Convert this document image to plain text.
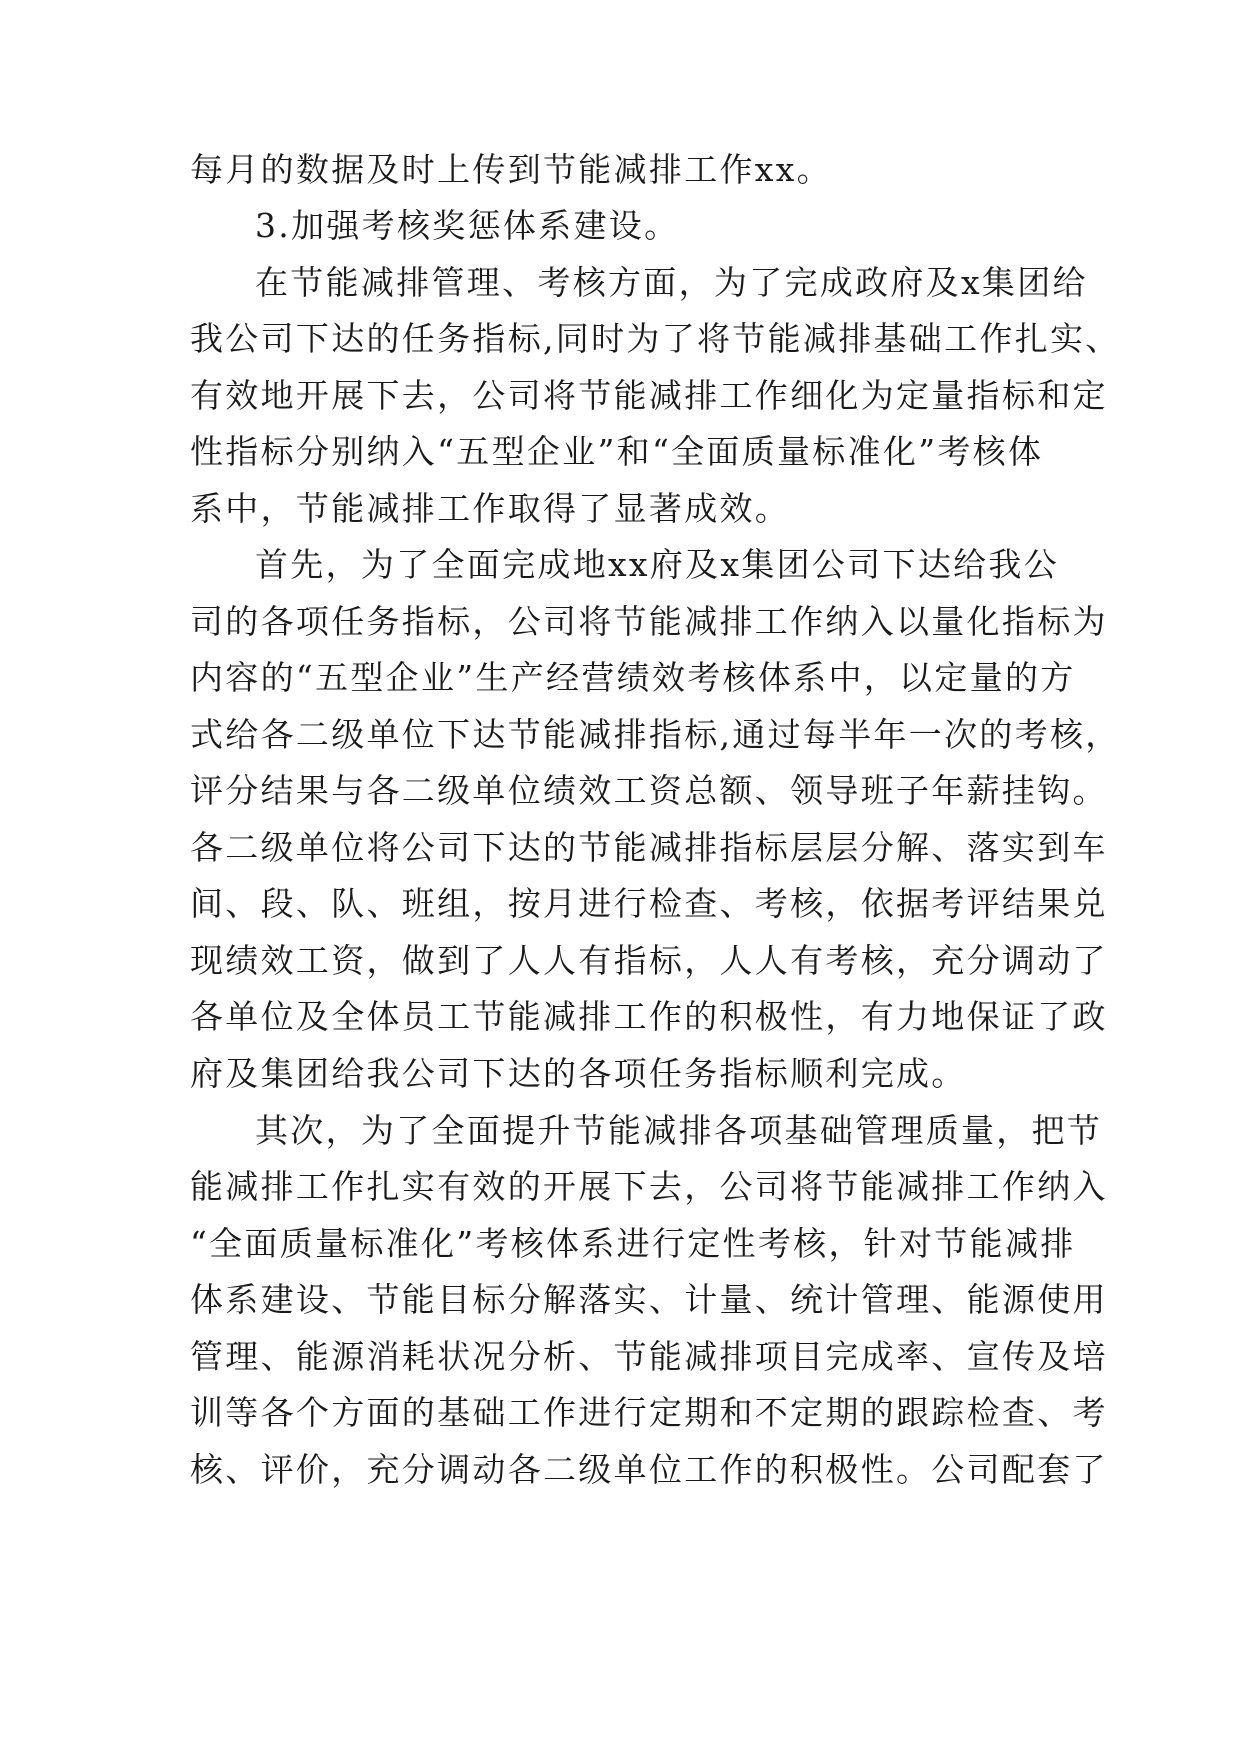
每月的数据及时上传到节能减排工作xx。
3.加强考核奖惩体系建设。
在节能减排管理、考核方面，为了完成政府及x集团给
我公司下达的任务指标,同时为了将节能减排基础工作扎实、
有效地开展下去，公司将节能减排工作细化为定量指标和定
性指标分别纳入“五型企业”和“全面质量标准化”考核体
系中，节能减排工作取得了显著成效。
首先，为了全面完成地xx府及x集团公司下达给我公
司的各项任务指标，公司将节能减排工作纳入以量化指标为
内容的“五型企业”生产经营绩效考核体系中，以定量的方
式给各二级单位下达节能减排指标,通过每半年一次的考核，
评分结果与各二级单位绩效工资总额、领导班子年薪挂钩。
各二级单位将公司下达的节能减排指标层层分解、落实到车
间、段、队、班组，按月进行检查、考核，依据考评结果兑
现绩效工资，做到了人人有指标，人人有考核，充分调动了
各单位及全体员工节能减排工作的积极性，有力地保证了政
府及集团给我公司下达的各项任务指标顺利完成。
其次，为了全面提升节能减排各项基础管理质量，把节
能减排工作扎实有效的开展下去，公司将节能减排工作纳入
“全面质量标准化”考核体系进行定性考核，针对节能减排
体系建设、节能目标分解落实、计量、统计管理、能源使用
管理、能源消耗状况分析、节能减排项目完成率、宣传及培
训等各个方面的基础工作进行定期和不定期的跟踪检查、考
核、评价，充分调动各二级单位工作的积极性。公司配套了
